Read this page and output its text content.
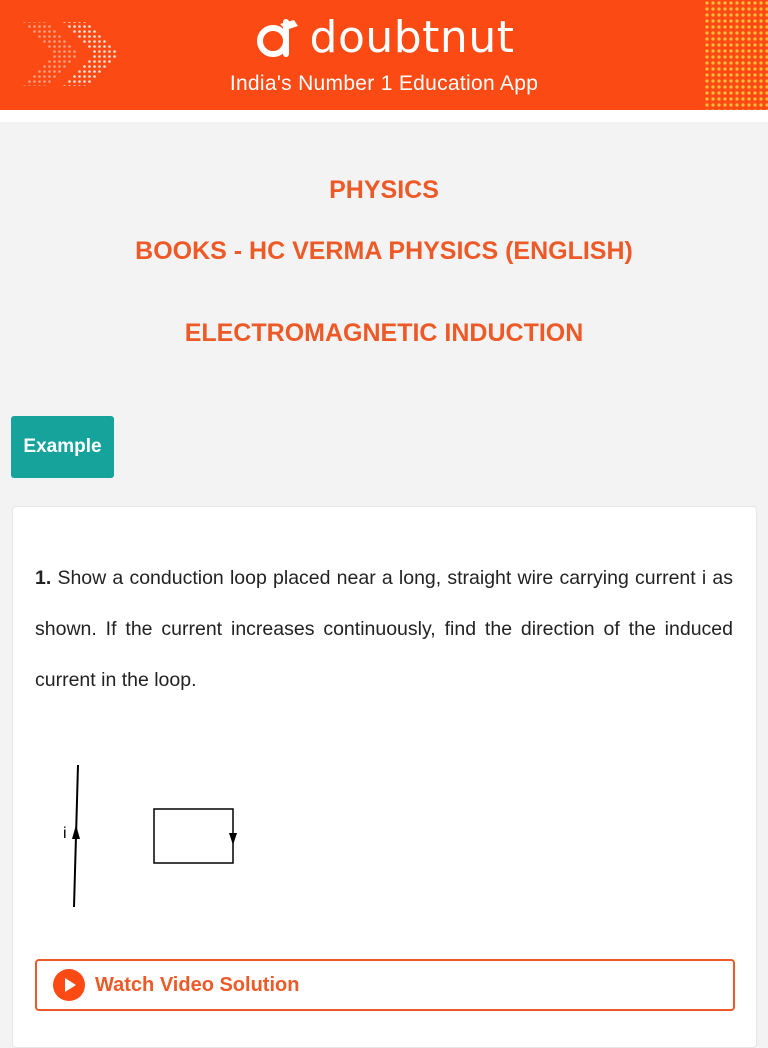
doubtnut
India's Number 1 Education App
PHYSICS
BOOKS - HC VERMA PHYSICS (ENGLISH)
ELECTROMAGNETIC INDUCTION
Example
1. Show a conduction loop placed near a long, straight wire carrying current i as shown. If the current increases continuously, find the direction of the induced current in the loop.
i
Watch Video Solution
